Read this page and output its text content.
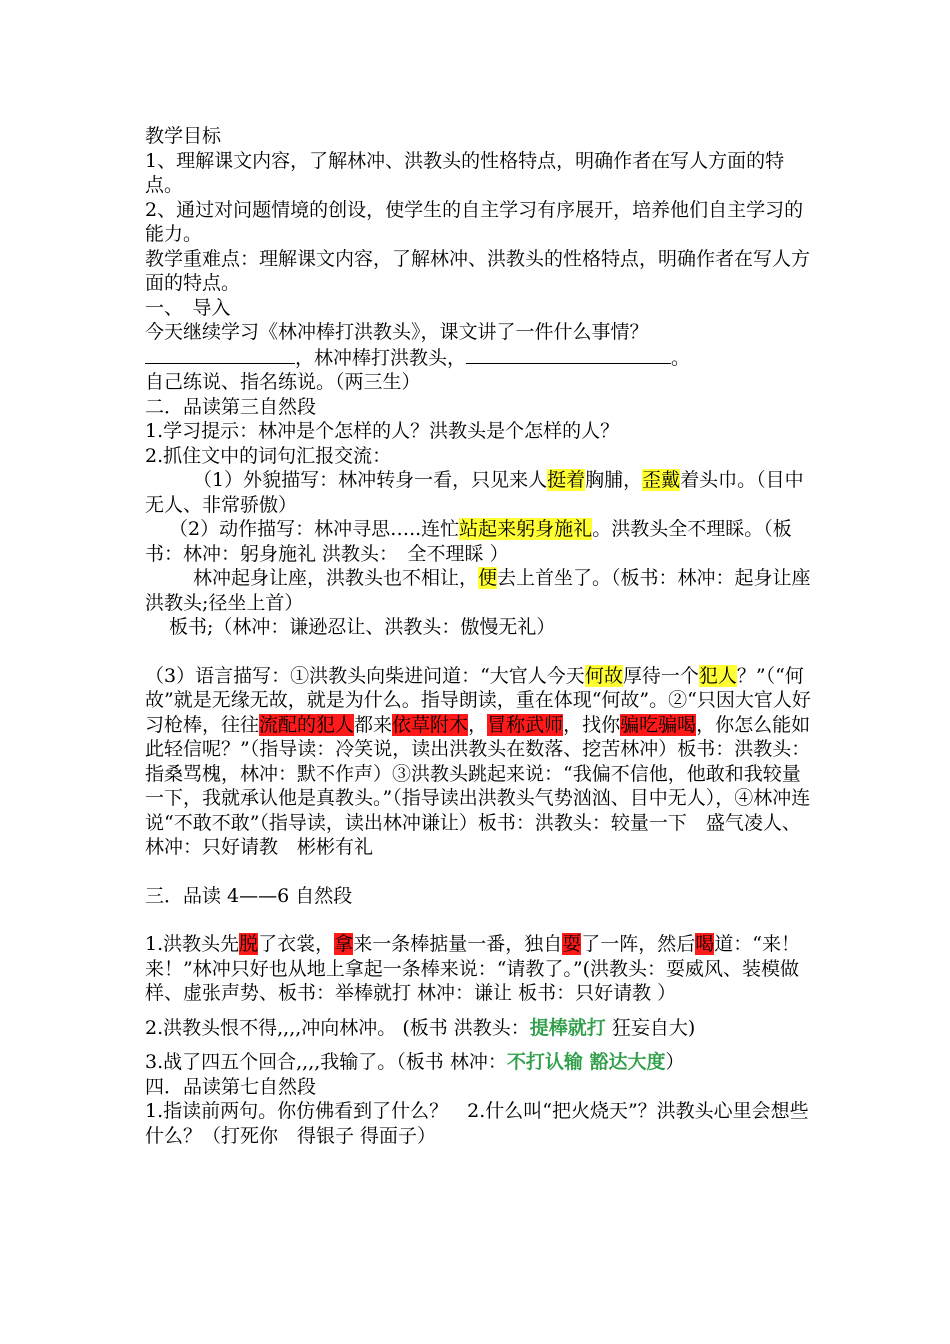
教学目标

1、理解课文内容，了解林冲、洪教头的性格特点，明确作者在写人方面的特点。

2、通过对问题情境的创设，使学生的自主学习有序展开，培养他们自主学习的能力。

教学重难点：理解课文内容，了解林冲、洪教头的性格特点，明确作者在写人方面的特点。

一、　导入

今天继续学习《林冲棒打洪教头》，课文讲了一件什么事情？

，林冲棒打洪教头，	。

自己练说、指名练说。（两三生）

二．品读第三自然段

1.学习提示：林冲是个怎样的人？洪教头是个怎样的人？

2.抓住文中的词句汇报交流：

（1）外貌描写：林冲转身一看，只见来人挺着胸脯，歪戴着头巾。（目中无人、非常骄傲）

（2）动作描写：林冲寻思…..连忙站起来躬身施礼。洪教头全不理睬。（板书：林冲：躬身施礼 洪教头：　全不理睬 ）

林冲起身让座，洪教头也不相让，便去上首坐了。（板书：林冲：起身让座 洪教头;径坐上首）

板书;（林冲：谦逊忍让、洪教头：傲慢无礼）

（3）语言描写：①洪教头向柴进问道：“大官人今天何故厚待一个犯人？”（“何故”就是无缘无故，就是为什么。指导朗读，重在体现“何故”。②“只因大官人好习枪棒，往往流配的犯人都来依草附木，冒称武师，找你骗吃骗喝，你怎么能如此轻信呢？”（指导读：冷笑说，读出洪教头在数落、挖苦林冲）板书：洪教头：指桑骂槐，林冲：默不作声）③洪教头跳起来说：“我偏不信他，他敢和我较量一下，我就承认他是真教头。”（指导读出洪教头气势汹汹、目中无人），④林冲连说“不敢不敢”（指导读，读出林冲谦让）板书：洪教头：较量一下　盛气凌人、林冲：只好请教　彬彬有礼

三．品读 4——6 自然段

1.洪教头先脱了衣裳，拿来一条棒掂量一番，独自耍了一阵，然后喝道：“来！来！”林冲只好也从地上拿起一条棒来说：“请教了。”(洪教头：耍威风、装模做样、虚张声势、板书：举棒就打 林冲：谦让 板书：只好请教 ）

2.洪教头恨不得,,,,冲向林冲。 (板书 洪教头：提棒就打 狂妄自大)

3.战了四五个回合,,,,我输了。（板书 林冲：不打认输 豁达大度）

四．品读第七自然段

1.指读前两句。你仿佛看到了什么？　2.什么叫“把火烧天”？洪教头心里会想些什么？（打死你　得银子 得面子）
